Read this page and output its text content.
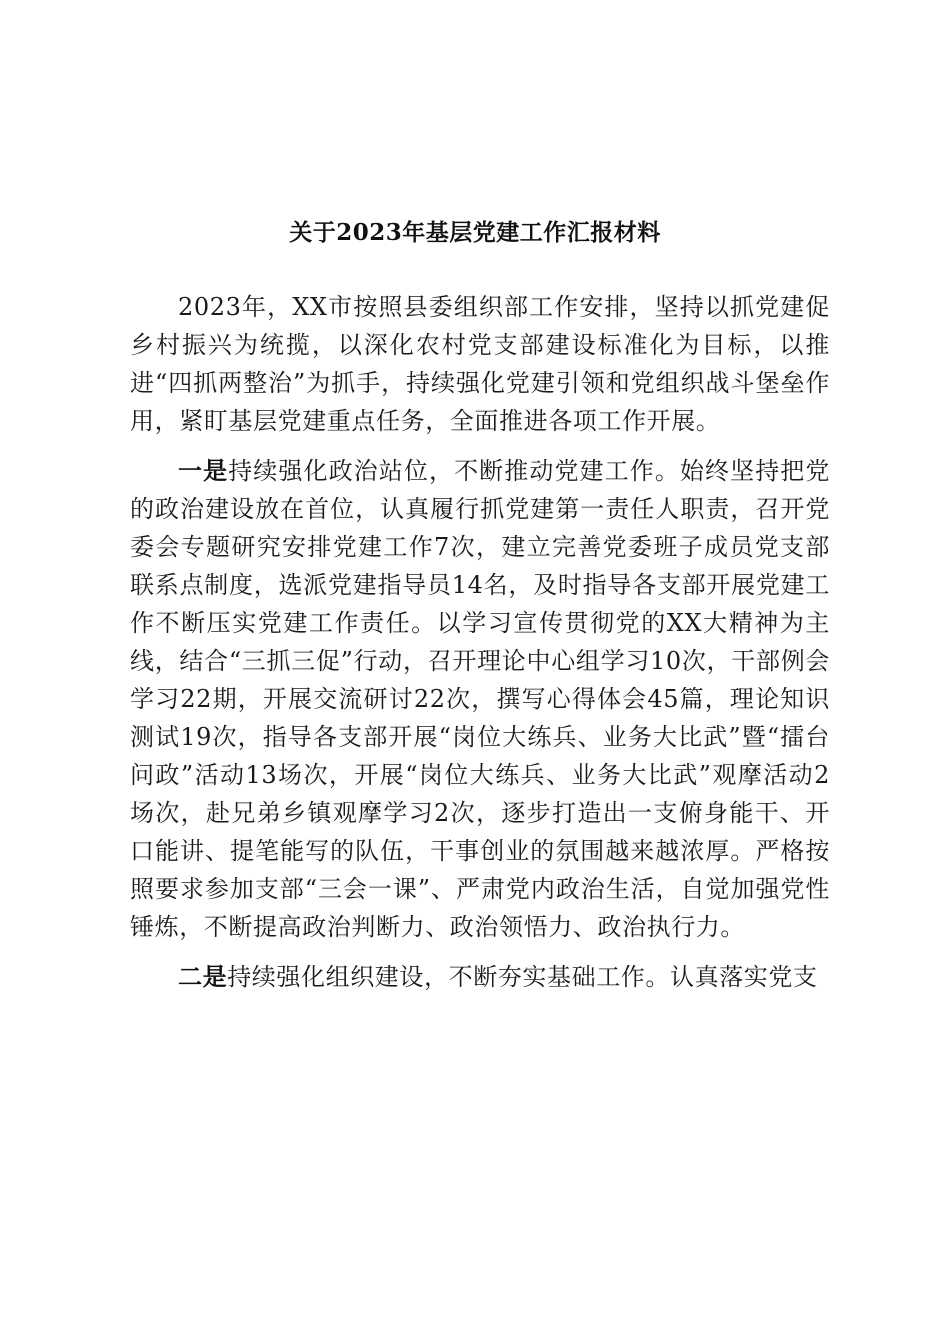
关于2023年基层党建工作汇报材料

2023年，XX市按照县委组织部工作安排，坚持以抓党建促乡村振兴为统揽，以深化农村党支部建设标准化为目标，以推进“四抓两整治”为抓手，持续强化党建引领和党组织战斗堡垒作用，紧盯基层党建重点任务，全面推进各项工作开展。

一是持续强化政治站位，不断推动党建工作。始终坚持把党的政治建设放在首位，认真履行抓党建第一责任人职责，召开党委会专题研究安排党建工作7次，建立完善党委班子成员党支部联系点制度，选派党建指导员14名，及时指导各支部开展党建工作不断压实党建工作责任。以学习宣传贯彻党的XX大精神为主线，结合“三抓三促”行动，召开理论中心组学习10次，干部例会学习22期，开展交流研讨22次，撰写心得体会45篇，理论知识测试19次，指导各支部开展“岗位大练兵、业务大比武”暨“擂台问政”活动13场次，开展“岗位大练兵、业务大比武”观摩活动2场次，赴兄弟乡镇观摩学习2次，逐步打造出一支俯身能干、开口能讲、提笔能写的队伍，干事创业的氛围越来越浓厚。严格按照要求参加支部“三会一课”、严肃党内政治生活，自觉加强党性锤炼，不断提高政治判断力、政治领悟力、政治执行力。

二是持续强化组织建设，不断夯实基础工作。认真落实党支
